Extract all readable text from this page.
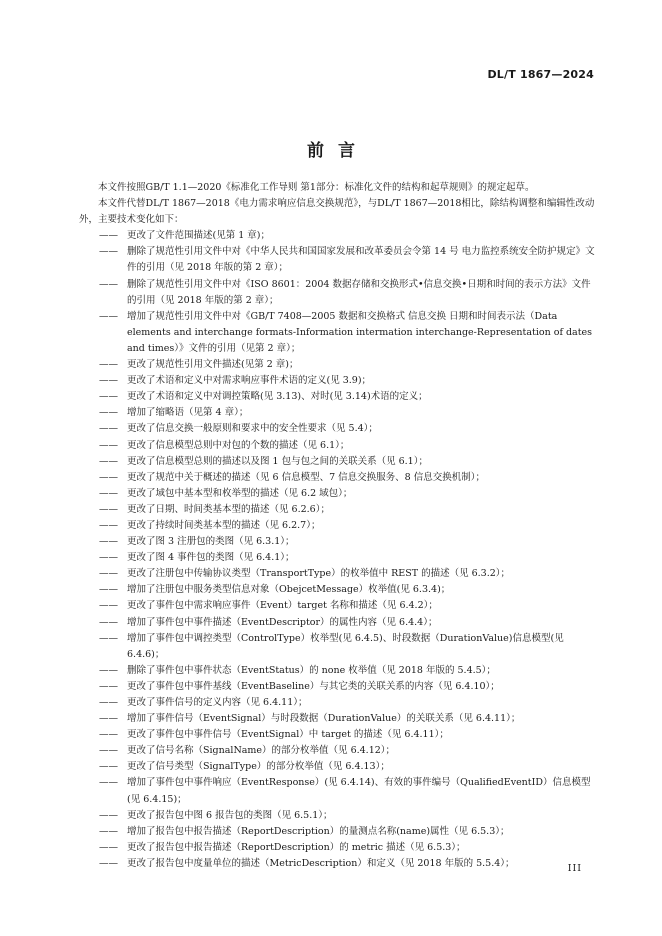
DL/T 1867—2024
前言

本文件按照GB/T 1.1—2020《标准化工作导则 第1部分：标准化文件的结构和起草规则》的规定起草。

本文件代替DL/T 1867—2018《电力需求响应信息交换规范》，与DL/T 1867—2018相比，除结构调整和编辑性改动外，主要技术变化如下：

—— 更改了文件范围描述(见第 1 章)；

—— 删除了规范性引用文件中对《中华人民共和国国家发展和改革委员会令第 14 号 电力监控系统安全防护规定》文件的引用（见 2018 年版的第 2 章）；

—— 删除了规范性引用文件中对《ISO 8601：2004 数据存储和交换形式•信息交换•日期和时间的表示方法》文件的引用（见 2018 年版的第 2 章）；

—— 增加了规范性引用文件中对《GB/T 7408—2005 数据和交换格式 信息交换 日期和时间表示法（Data elements and interchange formats-Information intermation interchange-Representation of dates and times）》文件的引用（见第 2 章）；

—— 更改了规范性引用文件描述(见第 2 章)；

—— 更改了术语和定义中对需求响应事件术语的定义(见 3.9)；

—— 更改了术语和定义中对调控策略(见 3.13)、对时(见 3.14)术语的定义；

—— 增加了缩略语（见第 4 章）；

—— 更改了信息交换一般原则和要求中的安全性要求（见 5.4）；

—— 更改了信息模型总则中对包的个数的描述（见 6.1）；

—— 更改了信息模型总则的描述以及图 1 包与包之间的关联关系（见 6.1）；

—— 更改了规范中关于概述的描述（见 6 信息模型、7 信息交换服务、8 信息交换机制）；

—— 更改了域包中基本型和枚举型的描述（见 6.2 域包）；

—— 更改了日期、时间类基本型的描述（见 6.2.6）；

—— 更改了持续时间类基本型的描述（见 6.2.7）；

—— 更改了图 3 注册包的类图（见 6.3.1）；

—— 更改了图 4 事件包的类图（见 6.4.1）；

—— 更改了注册包中传输协议类型（TransportType）的枚举值中 REST 的描述（见 6.3.2）；

—— 增加了注册包中服务类型信息对象（ObejcetMessage）枚举值(见 6.3.4)；

—— 更改了事件包中需求响应事件（Event）target 名称和描述（见 6.4.2）；

—— 增加了事件包中事件描述（EventDescriptor）的属性内容（见 6.4.4）；

—— 增加了事件包中调控类型（ControlType）枚举型(见 6.4.5)、时段数据（DurationValue)信息模型(见 6.4.6)；

—— 删除了事件包中事件状态（EventStatus）的 none 枚举值（见 2018 年版的 5.4.5）；

—— 更改了事件包中事件基线（EventBaseline）与其它类的关联关系的内容（见 6.4.10）；

—— 更改了事件信号的定义内容（见 6.4.11）；

—— 增加了事件信号（EventSignal）与时段数据（DurationValue）的关联关系（见 6.4.11）；

—— 更改了事件包中事件信号（EventSignal）中 target 的描述（见 6.4.11）；

—— 更改了信号名称（SignalName）的部分枚举值（见 6.4.12）；

—— 更改了信号类型（SignalType）的部分枚举值（见 6.4.13）；

—— 增加了事件包中事件响应（EventResponse）(见 6.4.14)、有效的事件编号（QualifiedEventID）信息模型(见 6.4.15)；

—— 更改了报告包中图 6 报告包的类图（见 6.5.1）；

—— 增加了报告包中报告描述（ReportDescription）的量测点名称(name)属性（见 6.5.3）；

—— 更改了报告包中报告描述（ReportDescription）的 metric 描述（见 6.5.3）；

—— 更改了报告包中度量单位的描述（MetricDescription）和定义（见 2018 年版的 5.5.4）；	III
